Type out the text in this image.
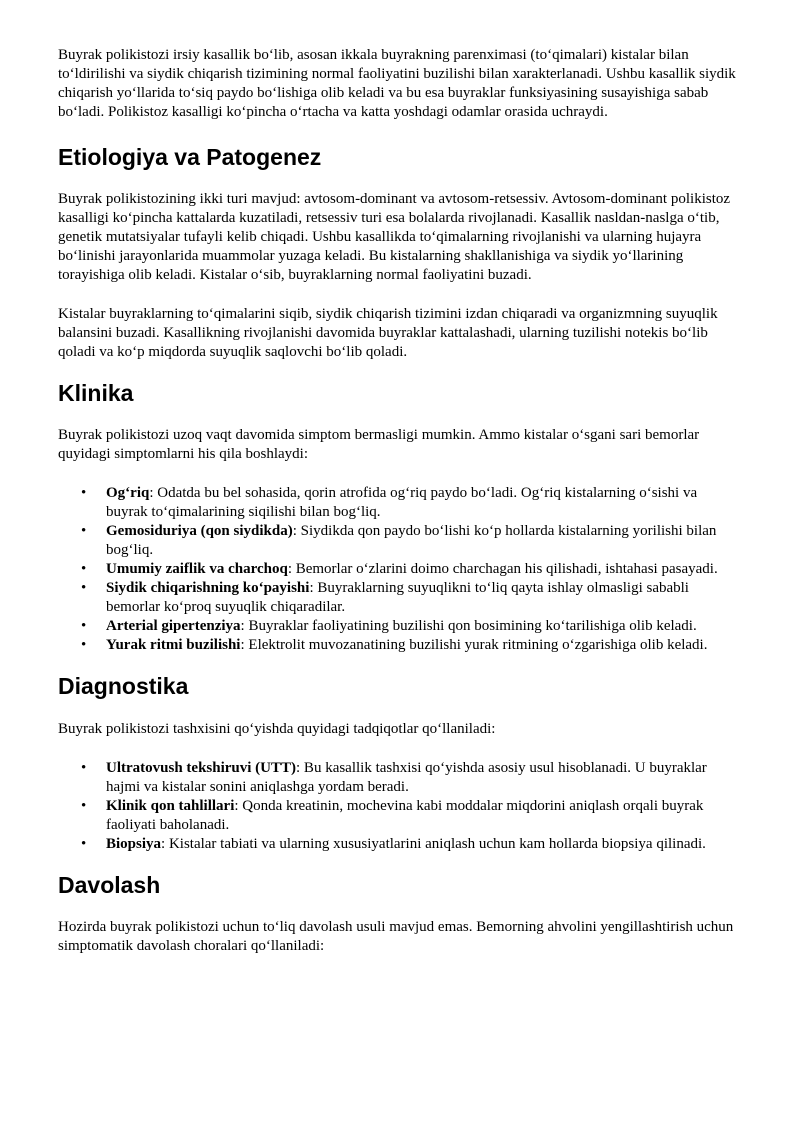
Buyrak polikistozi irsiy kasallik bo‘lib, asosan ikkala buyrakning parenximasi (to‘qimalari) kistalar bilan to‘ldirilishi va siydik chiqarish tizimining normal faoliyatini buzilishi bilan xarakterlanadi. Ushbu kasallik siydik chiqarish yo‘llarida to‘siq paydo bo‘lishiga olib keladi va bu esa buyraklar funksiyasining susayishiga sabab bo‘ladi. Polikistoz kasalligi ko‘pincha o‘rtacha va katta yoshdagi odamlar orasida uchraydi.

Etiologiya va Patogenez

Buyrak polikistozining ikki turi mavjud: avtosom-dominant va avtosom-retsessiv. Avtosom-dominant polikistoz kasalligi ko‘pincha kattalarda kuzatiladi, retsessiv turi esa bolalarda rivojlanadi. Kasallik nasldan-naslga o‘tib, genetik mutatsiyalar tufayli kelib chiqadi. Ushbu kasallikda to‘qimalarning rivojlanishi va ularning hujayra bo‘linishi jarayonlarida muammolar yuzaga keladi. Bu kistalarning shakllanishiga va siydik yo‘llarining torayishiga olib keladi. Kistalar o‘sib, buyraklarning normal faoliyatini buzadi.

Kistalar buyraklarning to‘qimalarini siqib, siydik chiqarish tizimini izdan chiqaradi va organizmning suyuqlik balansini buzadi. Kasallikning rivojlanishi davomida buyraklar kattalashadi, ularning tuzilishi notekis bo‘lib qoladi va ko‘p miqdorda suyuqlik saqlovchi bo‘lib qoladi.

Klinika

Buyrak polikistozi uzoq vaqt davomida simptom bermasligi mumkin. Ammo kistalar o‘sgani sari bemorlar quyidagi simptomlarni his qila boshlaydi:

• Og‘riq: Odatda bu bel sohasida, qorin atrofida og‘riq paydo bo‘ladi. Og‘riq kistalarning o‘sishi va buyrak to‘qimalarining siqilishi bilan bog‘liq.
• Gemosiduriya (qon siydikda): Siydikda qon paydo bo‘lishi ko‘p hollarda kistalarning yorilishi bilan bog‘liq.
• Umumiy zaiflik va charchoq: Bemorlar o‘zlarini doimo charchagan his qilishadi, ishtahasi pasayadi.
• Siydik chiqarishning ko‘payishi: Buyraklarning suyuqlikni to‘liq qayta ishlay olmasligi sababli bemorlar ko‘proq suyuqlik chiqaradilar.
• Arterial gipertenziya: Buyraklar faoliyatining buzilishi qon bosimining ko‘tarilishiga olib keladi.
• Yurak ritmi buzilishi: Elektrolit muvozanatining buzilishi yurak ritmining o‘zgarishiga olib keladi.
Diagnostika

Buyrak polikistozi tashxisini qo‘yishda quyidagi tadqiqotlar qo‘llaniladi:

• Ultratovush tekshiruvi (UTT): Bu kasallik tashxisi qo‘yishda asosiy usul hisoblanadi. U buyraklar hajmi va kistalar sonini aniqlashga yordam beradi.
• Klinik qon tahlillari: Qonda kreatinin, mochevina kabi moddalar miqdorini aniqlash orqali buyrak faoliyati baholanadi.
• Biopsiya: Kistalar tabiati va ularning xususiyatlarini aniqlash uchun kam hollarda biopsiya qilinadi.
Davolash

Hozirda buyrak polikistozi uchun to‘liq davolash usuli mavjud emas. Bemorning ahvolini yengillashtirish uchun simptomatik davolash choralari qo‘llaniladi:
